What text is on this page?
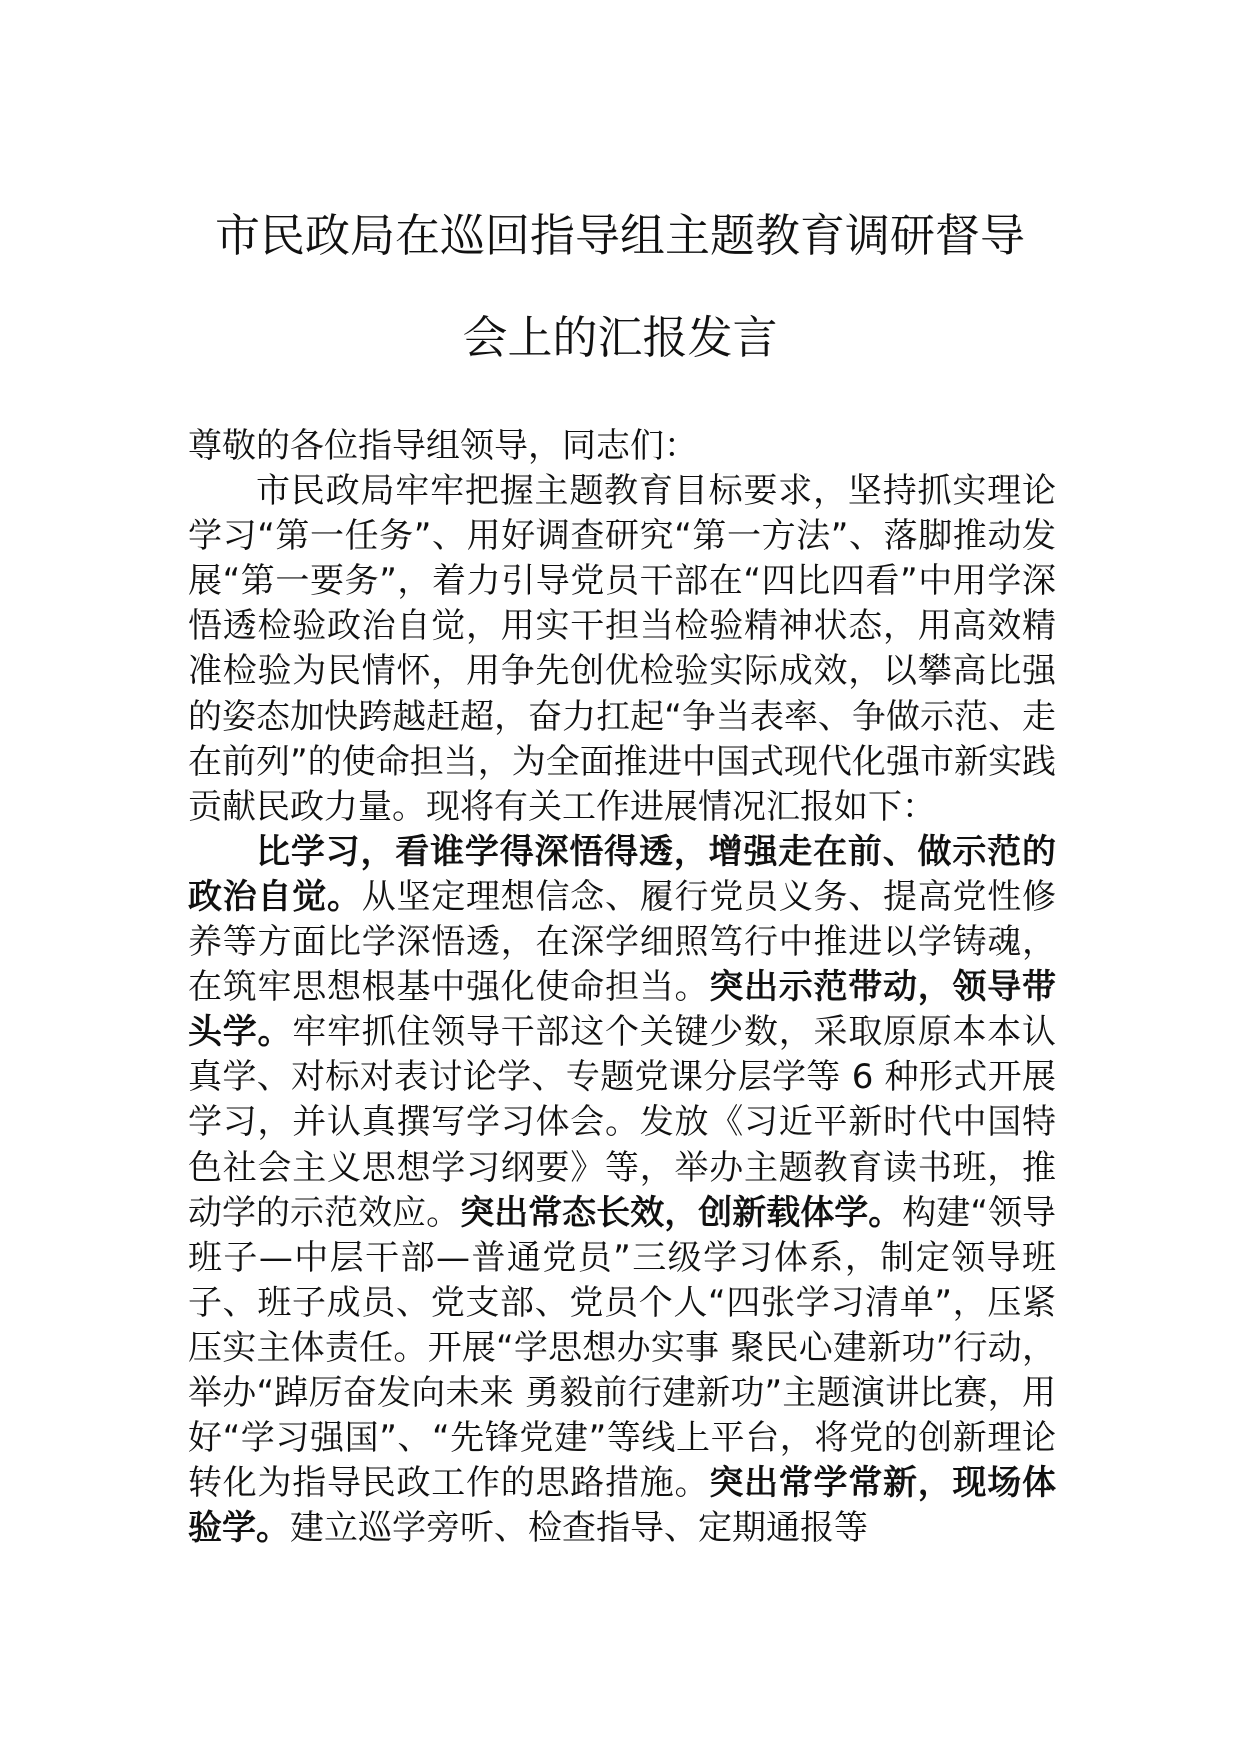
市民政局在巡回指导组主题教育调研督导
会上的汇报发言

尊敬的各位指导组领导，同志们：

市民政局牢牢把握主题教育目标要求，坚持抓实理论学习“第一任务”、用好调查研究“第一方法”、落脚推动发展“第一要务”，着力引导党员干部在“四比四看”中用学深悟透检验政治自觉，用实干担当检验精神状态，用高效精准检验为民情怀，用争先创优检验实际成效，以攀高比强的姿态加快跨越赶超，奋力扛起“争当表率、争做示范、走在前列”的使命担当，为全面推进中国式现代化强市新实践贡献民政力量。现将有关工作进展情况汇报如下：

比学习，看谁学得深悟得透，增强走在前、做示范的政治自觉。从坚定理想信念、履行党员义务、提高党性修养等方面比学深悟透，在深学细照笃行中推进以学铸魂，在筑牢思想根基中强化使命担当。突出示范带动，领导带头学。牢牢抓住领导干部这个关键少数，采取原原本本认真学、对标对表讨论学、专题党课分层学等 6 种形式开展学习，并认真撰写学习体会。发放《习近平新时代中国特色社会主义思想学习纲要》等，举办主题教育读书班，推动学的示范效应。突出常态长效，创新载体学。构建“领导班子—中层干部—普通党员”三级学习体系，制定领导班子、班子成员、党支部、党员个人“四张学习清单”，压紧压实主体责任。开展“学思想办实事 聚民心建新功”行动，举办“踔厉奋发向未来 勇毅前行建新功”主题演讲比赛，用好“学习强国”、“先锋党建”等线上平台，将党的创新理论转化为指导民政工作的思路措施。突出常学常新，现场体验学。建立巡学旁听、检查指导、定期通报等
